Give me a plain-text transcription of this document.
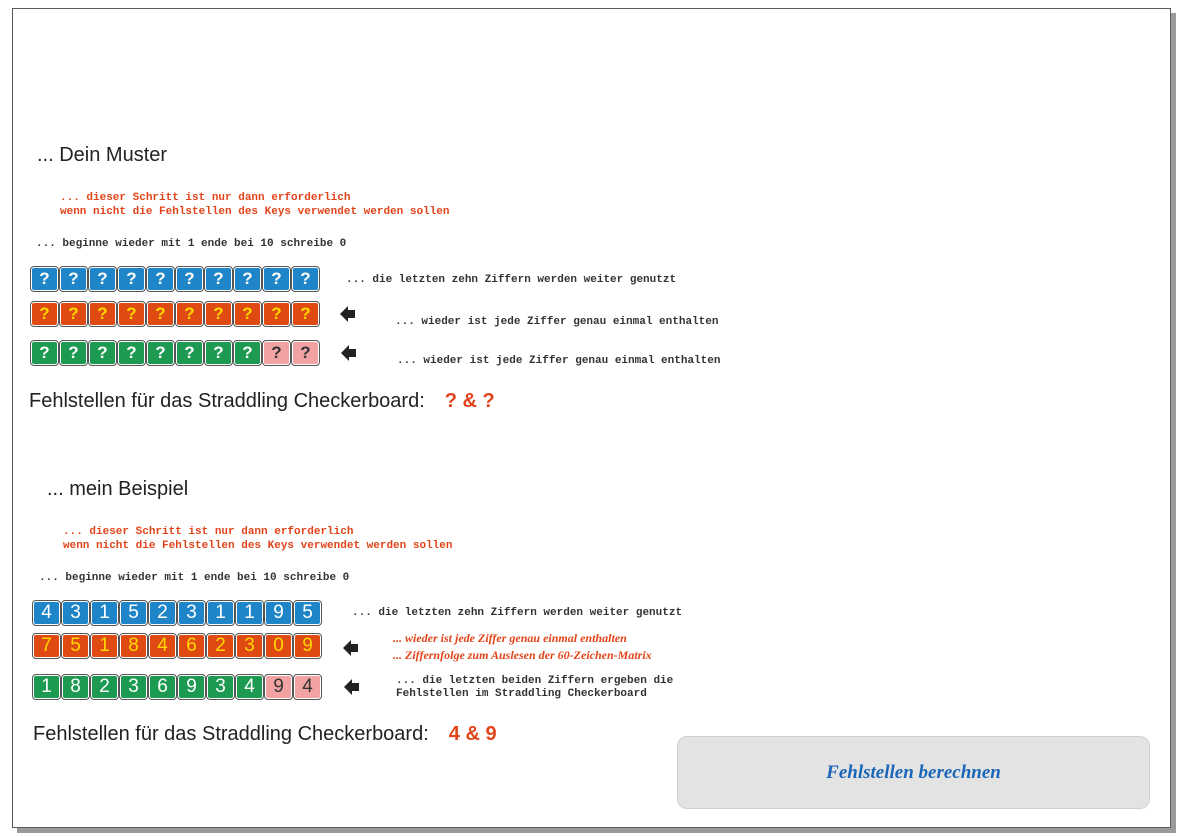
... Dein Muster
... dieser Schritt ist nur dann erforderlich
wenn nicht die Fehlstellen des Keys verwendet werden sollen
... beginne wieder mit 1 ende bei 10 schreibe 0
?	?	?	?	?	?	?	?	?	?	... die letzten zehn Ziffern werden weiter genutzt
?	?	?	?	?	?	?	?	?	?	... wieder ist jede Ziffer genau einmal enthalten
?	?	?	?	?	?	?	?	?	?	... wieder ist jede Ziffer genau einmal enthalten
Fehlstellen für das Straddling Checkerboard: ? & ?
... mein Beispiel
... dieser Schritt ist nur dann erforderlich
wenn nicht die Fehlstellen des Keys verwendet werden sollen
... beginne wieder mit 1 ende bei 10 schreibe 0
4 3 1 5 2 3 1 1 9 5	... die letzten zehn Ziffern werden weiter genutzt
7 5 1 8 4 6 2 3 0 9	... wieder ist jede Ziffer genau einmal enthalten
... Ziffernfolge zum Auslesen der 60-Zeichen-Matrix
1 8 2 3 6 9 3 4 9 4	... die letzten beiden Ziffern ergeben die
Fehlstellen im Straddling Checkerboard
Fehlstellen für das Straddling Checkerboard: 4 & 9
Fehlstellen berechnen
